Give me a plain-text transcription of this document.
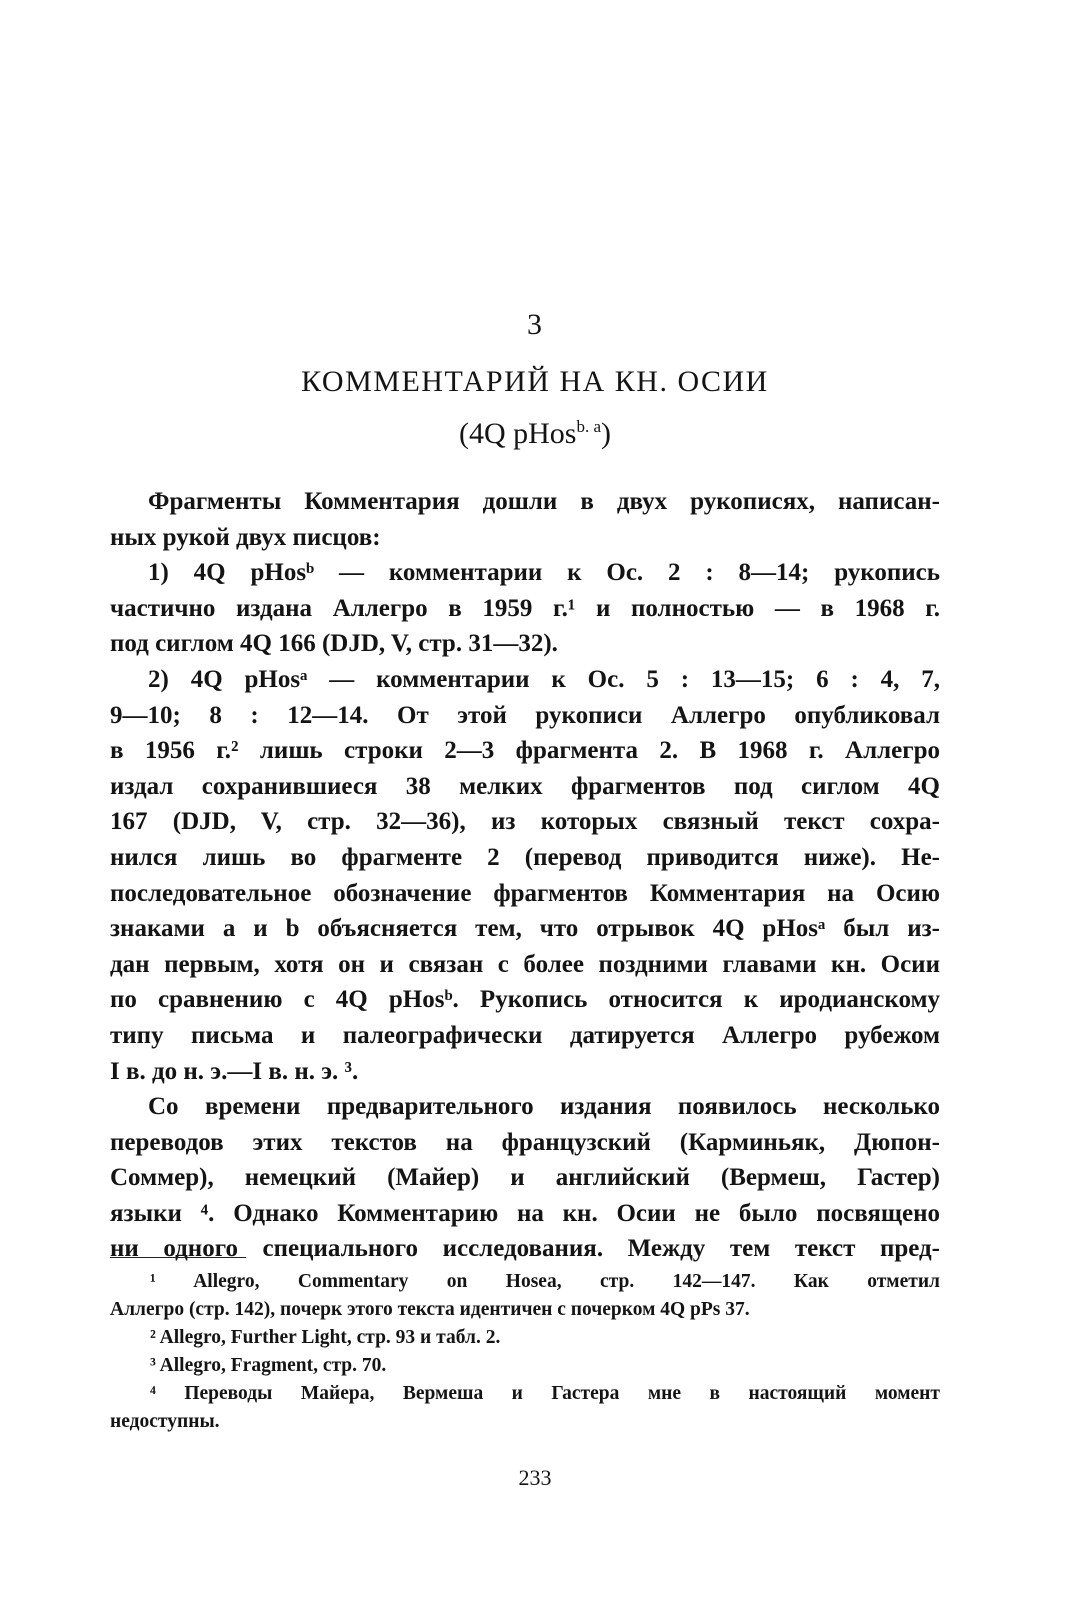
3
КОММЕНТАРИЙ НА КН. ОСИИ
(4Q pHos$^{b. a}$)
Фрагменты Комментария дошли в двух рукописях, написан-
ных рукой двух писцов:
1) 4Q pHosᵇ — комментарии к Ос. 2 : 8—14; рукопись
частично издана Аллегро в 1959 г.¹ и полностью — в 1968 г.
под сиглом 4Q 166 (DJD, V, стр. 31—32).
2) 4Q pHosᵃ — комментарии к Ос. 5 : 13—15; 6 : 4, 7,
9—10; 8 : 12—14. От этой рукописи Аллегро опубликовал
в 1956 г.² лишь строки 2—3 фрагмента 2. В 1968 г. Аллегро
издал сохранившиеся 38 мелких фрагментов под сиглом 4Q
167 (DJD, V, стр. 32—36), из которых связный текст сохра-
нился лишь во фрагменте 2 (перевод приводится ниже). Не-
последовательное обозначение фрагментов Комментария на Осию
знаками a и b объясняется тем, что отрывок 4Q pHosᵃ был из-
дан первым, хотя он и связан с более поздними главами кн. Осии
по сравнению с 4Q pHosᵇ. Рукопись относится к иродианскому
типу письма и палеографически датируется Аллегро рубежом
I в. до н. э.—I в. н. э. ³.
Со времени предварительного издания появилось несколько
переводов этих текстов на французский (Карминьяк, Дюпон-
Соммер), немецкий (Майер) и английский (Вермеш, Гастер)
языки ⁴. Однако Комментарию на кн. Осии не было посвящено
ни одного специального исследования. Между тем текст пред-
¹ Allegro, Commentary on Hosea, стр. 142—147. Как отметил
Аллегро (стр. 142), почерк этого текста идентичен с почерком 4Q pPs 37.
² Allegro, Further Light, стр. 93 и табл. 2.
³ Allegro, Fragment, стр. 70.
⁴ Переводы Майера, Вермеша и Гастера мне в настоящий момент
недоступны.
233
